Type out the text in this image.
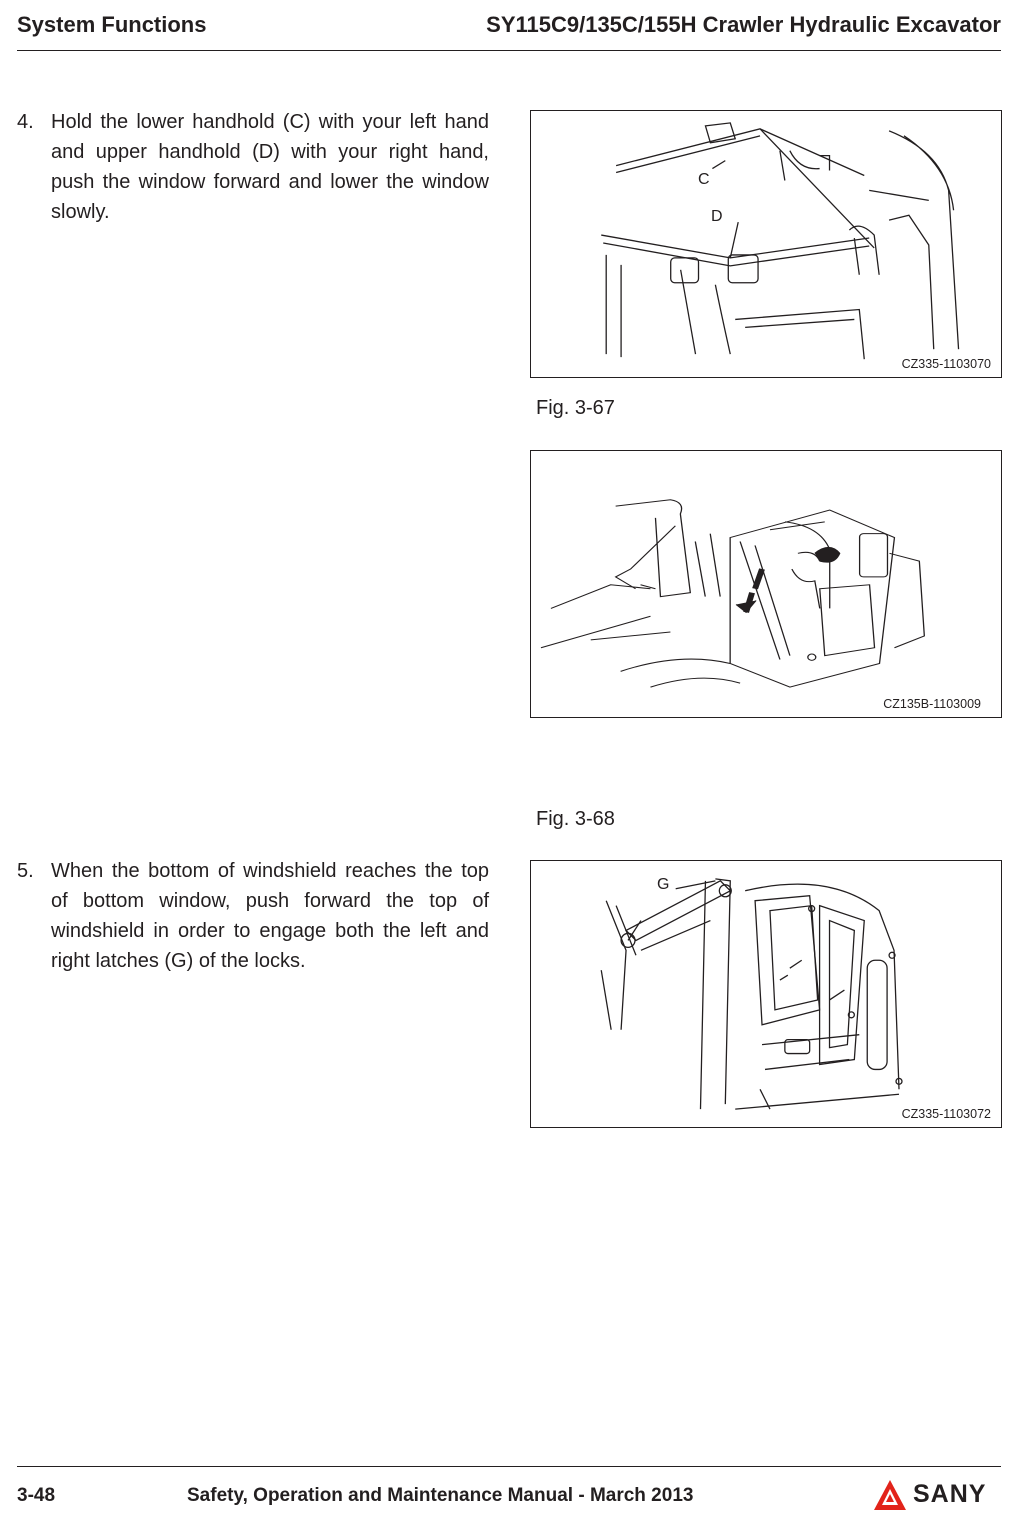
System Functions	SY115C9/135C/155H Crawler Hydraulic Excavator
4. Hold the lower handhold (C) with your left hand and upper handhold (D) with your right hand, push the window forward and lower the window slowly.
5. When the bottom of windshield reaches the top of bottom window, push forward the top of windshield in order to engage both the left and right latches (G) of the locks.
C
D
CZ335-1103070
Fig. 3-67
CZ135B-1103009
Fig. 3-68
G
CZ335-1103072
3-48	Safety, Operation and Maintenance Manual - March 2013	SANY
